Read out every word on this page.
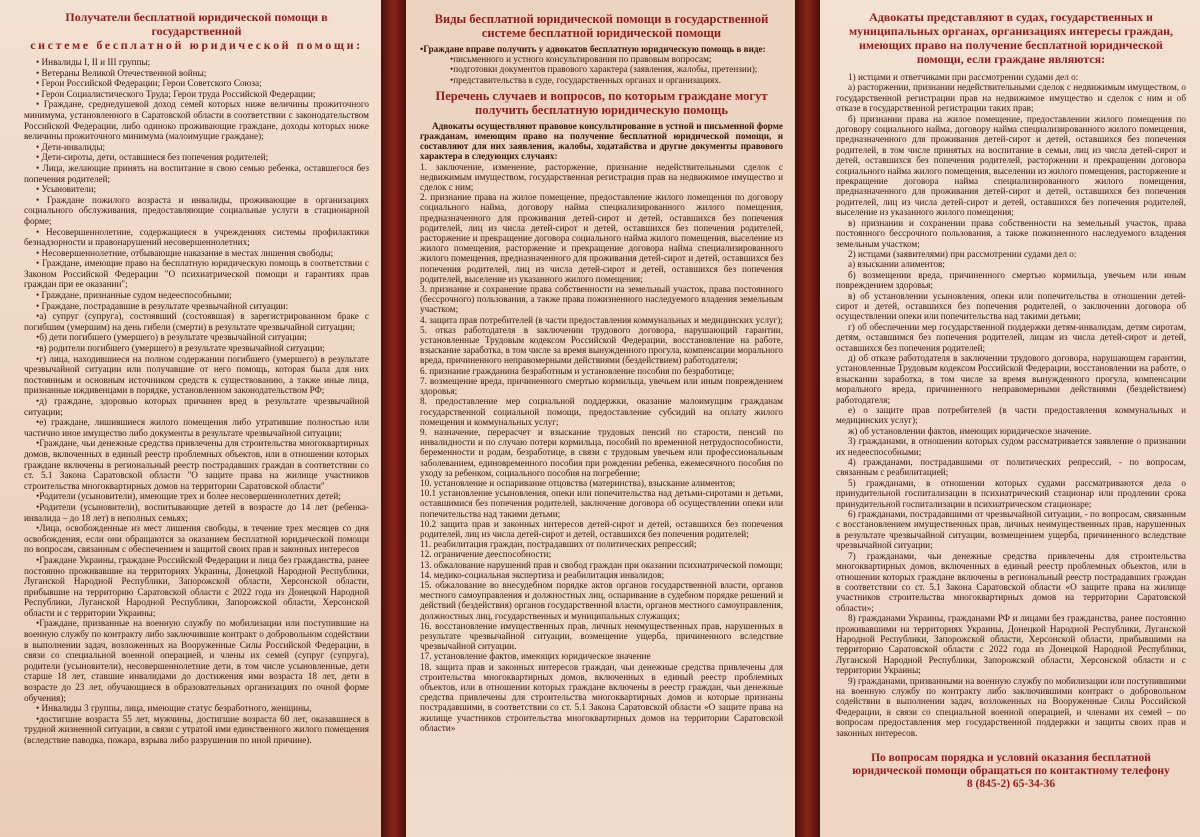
Получатели бесплатной юридической помощи в государственной
системе бесплатной юридической помощи:

• Инвалиды I, II и III группы;

• Ветераны Великой Отечественной войны;

• Герои Российской Федерации; Герои Советского Союза;

• Герои Социалистического Труда; Герои труда Российской Федерации;

• Граждане, среднедушевой доход семей которых ниже величины прожиточного минимума, установленного в Саратовской области в соответствии с законодательством Российской Федерации, либо одиноко проживающие граждане, доходы которых ниже величины прожиточного минимума (малоимущие граждане);

• Дети-инвалиды;

• Дети-сироты, дети, оставшиеся без попечения родителей;

• Лица, желающие принять на воспитание в свою семью ребенка, оставшегося без попечения родителей;

• Усыновители;

• Граждане пожилого возраста и инвалиды, проживающие в организациях социального обслуживания, предоставляющие социальные услуги в стационарной форме;

• Несовершеннолетние, содержащиеся в учреждениях системы профилактики безнадзорности и правонарушений несовершеннолетних;

• Несовершеннолетние, отбывающие наказание в местах лишения свободы;

• Граждане, имеющие право на бесплатную юридическую помощь в соответствии с Законом Российской Федерации "О психиатрической помощи и гарантиях прав граждан при ее оказании";

• Граждане, признанные судом недееспособными;

• Граждане, пострадавшие в результате чрезвычайной ситуации:

•а) супруг (супруга), состоявший (состоявшая) в зарегистрированном браке с погибшим (умершим) на день гибели (смерти) в результате чрезвычайной ситуации;

•б) дети погибшего (умершего) в результате чрезвычайной ситуации;

•в) родители погибшего (умершего) в результате чрезвычайной ситуации;

•г) лица, находившиеся на полном содержании погибшего (умершего) в результате чрезвычайной ситуации или получавшие от него помощь, которая была для них постоянным и основным источником средств к существованию, а также иные лица, признанные иждивенцами в порядке, установленном законодательством РФ;

•д) граждане, здоровью которых причинен вред в результате чрезвычайной ситуации;

•е) граждане, лишившиеся жилого помещения либо утратившие полностью или частично иное имущество либо документы в результате чрезвычайной ситуации;

•Граждане, чьи денежные средства привлечены для строительства многоквартирных домов, включенных в единый реестр проблемных объектов, или в отношении которых граждане включены в региональный реестр пострадавших граждан в соответствии со ст. 5.1 Закона Саратовской области "О защите права на жилище участников строительства многоквартирных домов на территории Саратовской области"

•Родители (усыновители), имеющие трех и более несовершеннолетних детей;

•Родители (усыновители), воспитывающие детей в возрасте до 14 лет (ребенка-инвалида – до 18 лет) в неполных семьях;

•Лица, освобожденные из мест лишения свободы, в течение трех месяцев со дня освобождения, если они обращаются за оказанием бесплатной юридической помощи по вопросам, связанным с обеспечением и защитой своих прав и законных интересов

•Граждане Украины, граждане Российской Федерации и лица без гражданства, ранее постоянно проживавшие на территориях Украины, Донецкой Народной Республики, Луганской Народной Республики, Запорожской области, Херсонской области, прибывшие на территорию Саратовской области с 2022 года из Донецкой Народной Республики, Луганской Народной Республики, Запорожской области, Херсонской области и с территории Украины;

•Граждане, призванные на военную службу по мобилизации или поступившие на военную службу по контракту либо заключившие контракт о добровольном содействии в выполнении задач, возложенных на Вооруженные Силы Российской Федерации, в связи со специальной военной операцией, и члены их семей (супруг (супруга), родители (усыновители), несовершеннолетние дети, в том числе усыновленные, дети старше 18 лет, ставшие инвалидами до достижения ими возраста 18 лет, дети в возрасте до 23 лет, обучающиеся в образовательных организациях по очной форме обучения);

• Инвалиды 3 группы, лица, имеющие статус безработного, женщины,

•достигшие возраста 55 лет, мужчины, достигшие возраста 60 лет, оказавшиеся в трудной жизненной ситуации, в связи с утратой ими единственного жилого помещения (вследствие паводка, пожара, взрыва либо разрушения по иной причине).

Виды бесплатной юридической помощи в государственной системе бесплатной юридической помощи

•Граждане вправе получить у адвокатов бесплатную юридическую помощь в виде:

•письменного и устного консультирования по правовым вопросам;

•подготовки документов правового характера (заявления, жалобы, претензии);

•представительства в суде, государственных органах и организациях.

Перечень случаев и вопросов, по которым граждане могут получить бесплатную юридическую помощь

Адвокаты осуществляют правовое консультирование в устной и письменной форме гражданам, имеющим право на получение бесплатной юридической помощи, и составляют для них заявления, жалобы, ходатайства и другие документы правового характера в следующих случаях:

1. заключение, изменение, расторжение, признание недействительными сделок с недвижимым имуществом, государственная регистрация прав на недвижимое имущество и сделок с ним;

2. признание права на жилое помещение, предоставление жилого помещения по договору социального найма, договору найма специализированного жилого помещения, предназначенного для проживания детей-сирот и детей, оставшихся без попечения родителей, лиц из числа детей-сирот и детей, оставшихся без попечения родителей, расторжение и прекращение договора социального найма жилого помещения, выселение из жилого помещения, расторжение и прекращение договора найма специализированного жилого помещения, предназначенного для проживания детей-сирот и детей, оставшихся без попечения родителей, лиц из числа детей-сирот и детей, оставшихся без попечения родителей, выселение из указанного жилого помещения;

3. признание и сохранение права собственности на земельный участок, права постоянного (бессрочного) пользования, а также права пожизненного наследуемого владения земельным участком;

4. защита прав потребителей (в части предоставления коммунальных и медицинских услуг);

5. отказ работодателя в заключении трудового договора, нарушающий гарантии, установленные Трудовым кодексом Российской Федерации, восстановление на работе, взыскание заработка, в том числе за время вынужденного прогула, компенсации морального вреда, причиненного неправомерными действиями (бездействием) работодателя;

6. признание гражданина безработным и установление пособия по безработице;

7. возмещение вреда, причиненного смертью кормильца, увечьем или иным повреждением здоровья;

8. предоставление мер социальной поддержки, оказание малоимущим гражданам государственной социальной помощи, предоставление субсидий на оплату жилого помещения и коммунальных услуг;

9. назначение, перерасчет и взыскание трудовых пенсий по старости, пенсий по инвалидности и по случаю потери кормильца, пособий по временной нетрудоспособности, беременности и родам, безработице, в связи с трудовым увечьем или профессиональным заболеванием, единовременного пособия при рождении ребенка, ежемесячного пособия по уходу за ребенком, социального пособия на погребение;

10. установление и оспаривание отцовства (материнства), взыскание алиментов;

10.1 установление усыновления, опеки или попечительства над детьми-сиротами и детьми, оставшимися без попечения родителей, заключение договора об осуществлении опеки или попечительства над такими детьми;

10.2 защита прав и законных интересов детей-сирот и детей, оставшихся без попечения родителей, лиц из числа детей-сирот и детей, оставшихся без попечения родителей;

11. реабилитация граждан, пострадавших от политических репрессий;

12. ограничение дееспособности;

13. обжалование нарушений прав и свобод граждан при оказании психиатрической помощи;

14. медико-социальная экспертиза и реабилитация инвалидов;

15. обжалование во внесудебном порядке актов органов государственной власти, органов местного самоуправления и должностных лиц, оспаривание в судебном порядке решений и действий (бездействия) органов государственной власти, органов местного самоуправления, должностных лиц, государственных и муниципальных служащих;

16. восстановление имущественных прав, личных неимущественных прав, нарушенных в результате чрезвычайной ситуации, возмещение ущерба, причиненного вследствие чрезвычайной ситуации.

17. установление фактов, имеющих юридическое значение

18. защита прав и законных интересов граждан, чьи денежные средства привлечены для строительства многоквартирных домов, включенных в единый реестр проблемных объектов, или в отношении которых граждане включены в реестр граждан, чьи денежные средства привлечены для строительства многоквартирных домов и которые признаны пострадавшими, в соответствии со ст. 5.1 Закона Саратовской области «О защите права на жилище участников строительства многоквартирных домов на территории Саратовской области»

Адвокаты представляют в судах, государственных и муниципальных органах, организациях интересы граждан, имеющих право на получение бесплатной юридической помощи, если граждане являются:

1) истцами и ответчиками при рассмотрении судами дел о:

а) расторжении, признании недействительными сделок с недвижимым имуществом, о государственной регистрации прав на недвижимое имущество и сделок с ним и об отказе в государственной регистрации таких прав;

б) признании права на жилое помещение, предоставлении жилого помещения по договору социального найма, договору найма специализированного жилого помещения, предназначенного для проживания детей-сирот и детей, оставшихся без попечения родителей, в том числе принятых на воспитание в семьи, лиц из числа детей-сирот и детей, оставшихся без попечения родителей, расторжении и прекращении договора социального найма жилого помещения, выселении из жилого помещения, расторжение и прекращение договора найма специализированного жилого помещения, предназначенного для проживания детей-сирот и детей, оставшихся без попечения родителей, лиц из числа детей-сирот и детей, оставшихся без попечения родителей, выселение из указанного жилого помещения;

в) признании и сохранении права собственности на земельный участок, права постоянного бессрочного пользования, а также пожизненного наследуемого владения земельным участком;

2) истцами (заявителями) при рассмотрении судами дел о:

а) взыскании алиментов;

б) возмещении вреда, причиненного смертью кормильца, увечьем или иным повреждением здоровья;

в) об установлении усыновления, опеки или попечительства в отношении детей-сирот и детей, оставшихся без попечения родителей, о заключении договора об осуществлении опеки или попечительства над такими детьми;

г) об обеспечении мер государственной поддержки детям-инвалидам, детям сиротам, детям, оставшимся без попечения родителей, лицам из числа детей-сирот и детей, оставшихся без попечения родителей;

д) об отказе работодателя в заключении трудового договора, нарушающем гарантии, установленные Трудовым кодексом Российской Федерации, восстановлении на работе, о взыскании заработка, в том числе за время вынужденного прогула, компенсации морального вреда, причиненного неправомерными действиями (бездействием) работодателя;

е) о защите прав потребителей (в части предоставления коммунальных и медицинских услуг);

ж) об установлении фактов, имеющих юридическое значение.

3) гражданами, в отношении которых судом рассматривается заявление о признании их недееспособными;

4) гражданами, пострадавшими от политических репрессий, - по вопросам, связанным с реабилитацией;

5) гражданами, в отношении которых судами рассматриваются дела о принудительной госпитализации в психиатрический стационар или продлении срока принудительной госпитализации в психиатрическом стационаре;

6) гражданами, пострадавшими от чрезвычайной ситуации, - по вопросам, связанным с восстановлением имущественных прав, личных неимущественных прав, нарушенных в результате чрезвычайной ситуации, возмещением ущерба, причиненного вследствие чрезвычайной ситуации;

7) гражданами, чьи денежные средства привлечены для строительства многоквартирных домов, включенных в единый реестр проблемных объектов, или в отношении которых граждане включены в региональный реестр пострадавших граждан в соответствии со ст. 5.1 Закона Саратовской области «О защите права на жилище участников строительства многоквартирных домов на территории Саратовской области»;

8) гражданами Украины, гражданами РФ и лицами без гражданства, ранее постоянно проживавшими на территориях Украины, Донецкой Народной Республики, Луганской Народной Республики, Запорожской области, Херсонской области, прибывшими на территорию Саратовской области с 2022 года из Донецкой Народной Республики, Луганской Народной Республики, Запорожской области, Херсонской области и с территории Украины;

9) гражданами, призванными на военную службу по мобилизации или поступившими на военную службу по контракту либо заключившими контракт о добровольном содействии в выполнении задач, возложенных на Вооруженные Силы Российской Федерации, в связи со специальной военной операцией, и членами их семей – по вопросам предоставления мер государственной поддержки и защиты своих прав и законных интересов.

По вопросам порядка и условий оказания бесплатной
юридической помощи обращаться по контактному телефону
8 (845-2) 65-34-36
